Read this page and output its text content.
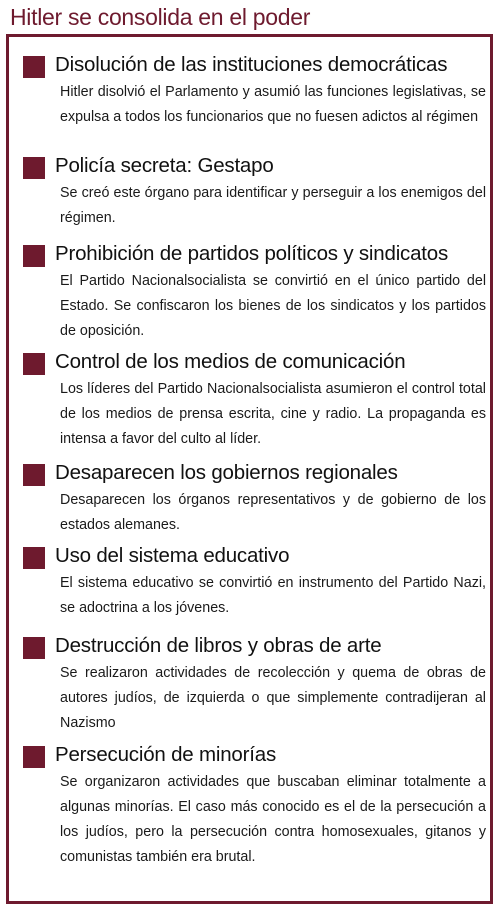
Hitler se consolida en el poder
Disolución de las instituciones democráticas
Hitler disolvió el Parlamento y asumió las funciones legislativas, se expulsa a todos los funcionarios que no fuesen adictos al régimen
Policía secreta: Gestapo
Se creó este órgano para identificar y perseguir a los enemigos del régimen.
Prohibición de partidos políticos y sindicatos
El Partido Nacionalsocialista se convirtió en el único partido del Estado. Se confiscaron los bienes de los sindicatos y los partidos de oposición.
Control de los medios de comunicación
Los líderes del Partido Nacionalsocialista asumieron el control total de los medios de prensa escrita, cine y radio. La propaganda es intensa a favor del culto al líder.
Desaparecen los gobiernos regionales
Desaparecen los órganos representativos y de gobierno de los estados alemanes.
Uso del sistema educativo
El sistema educativo se convirtió en instrumento del Partido Nazi, se adoctrina a los jóvenes.
Destrucción de libros y obras de arte
Se realizaron actividades de recolección y quema de obras de autores judíos, de izquierda o que simplemente contradijeran al Nazismo
Persecución de minorías
Se organizaron actividades que buscaban eliminar totalmente a algunas minorías. El caso más conocido es el de la persecución a los judíos, pero la persecución contra homosexuales, gitanos y comunistas también era brutal.
